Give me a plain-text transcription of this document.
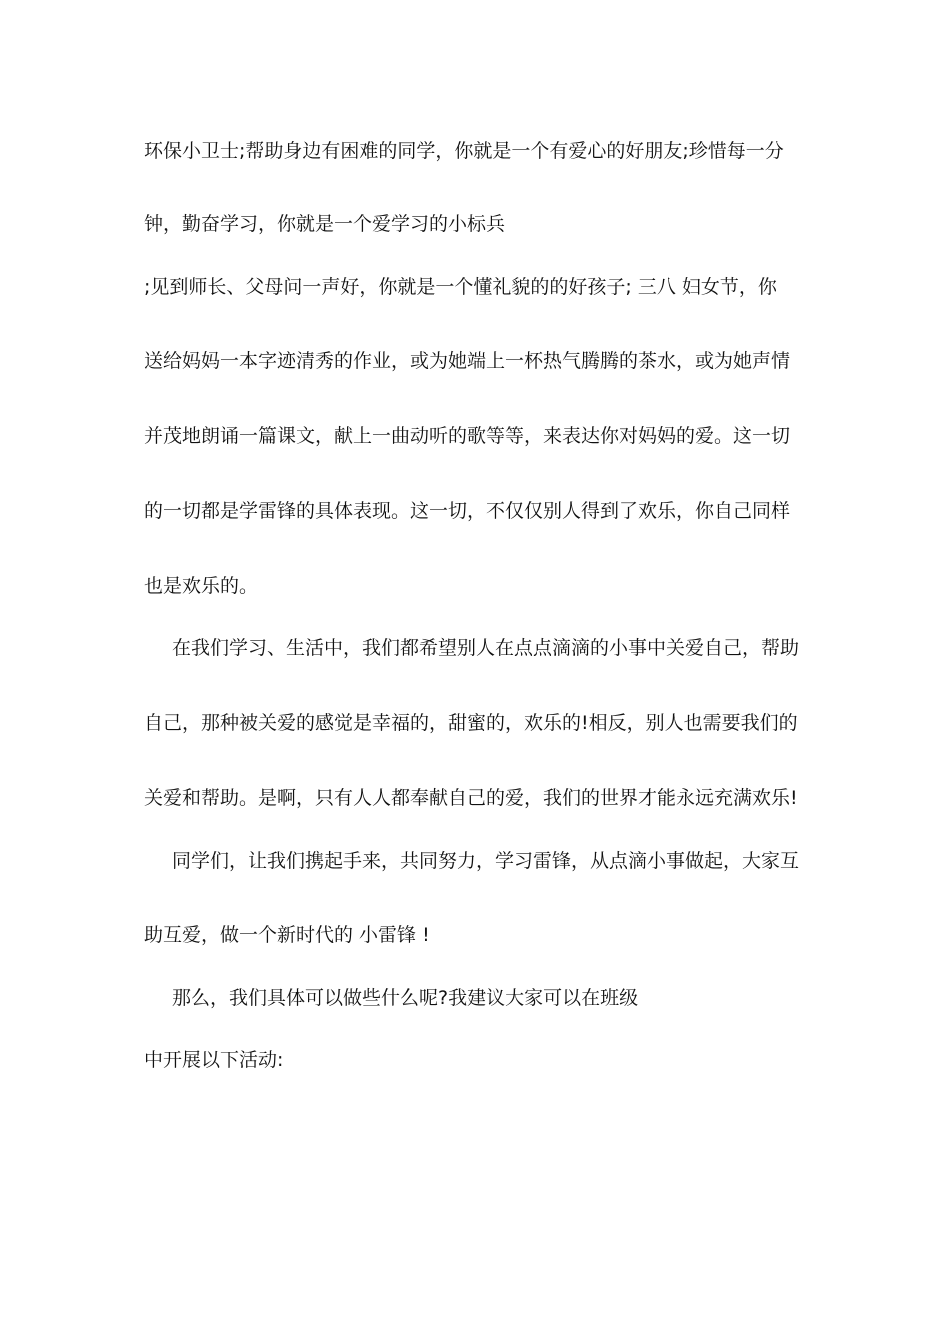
环保小卫士;帮助身边有困难的同学，你就是一个有爱心的好朋友;珍惜每一分
钟，勤奋学习，你就是一个爱学习的小标兵
;见到师长、父母问一声好，你就是一个懂礼貌的的好孩子; 三八 妇女节，你
送给妈妈一本字迹清秀的作业，或为她端上一杯热气腾腾的茶水，或为她声情
并茂地朗诵一篇课文，献上一曲动听的歌等等，来表达你对妈妈的爱。这一切
的一切都是学雷锋的具体表现。这一切，不仅仅别人得到了欢乐，你自己同样
也是欢乐的。
在我们学习、生活中，我们都希望别人在点点滴滴的小事中关爱自己，帮助
自己，那种被关爱的感觉是幸福的，甜蜜的，欢乐的!相反，别人也需要我们的
关爱和帮助。是啊，只有人人都奉献自己的爱，我们的世界才能永远充满欢乐!
同学们，让我们携起手来，共同努力，学习雷锋，从点滴小事做起，大家互
助互爱，做一个新时代的 小雷锋 !
那么，我们具体可以做些什么呢?我建议大家可以在班级
中开展以下活动:
